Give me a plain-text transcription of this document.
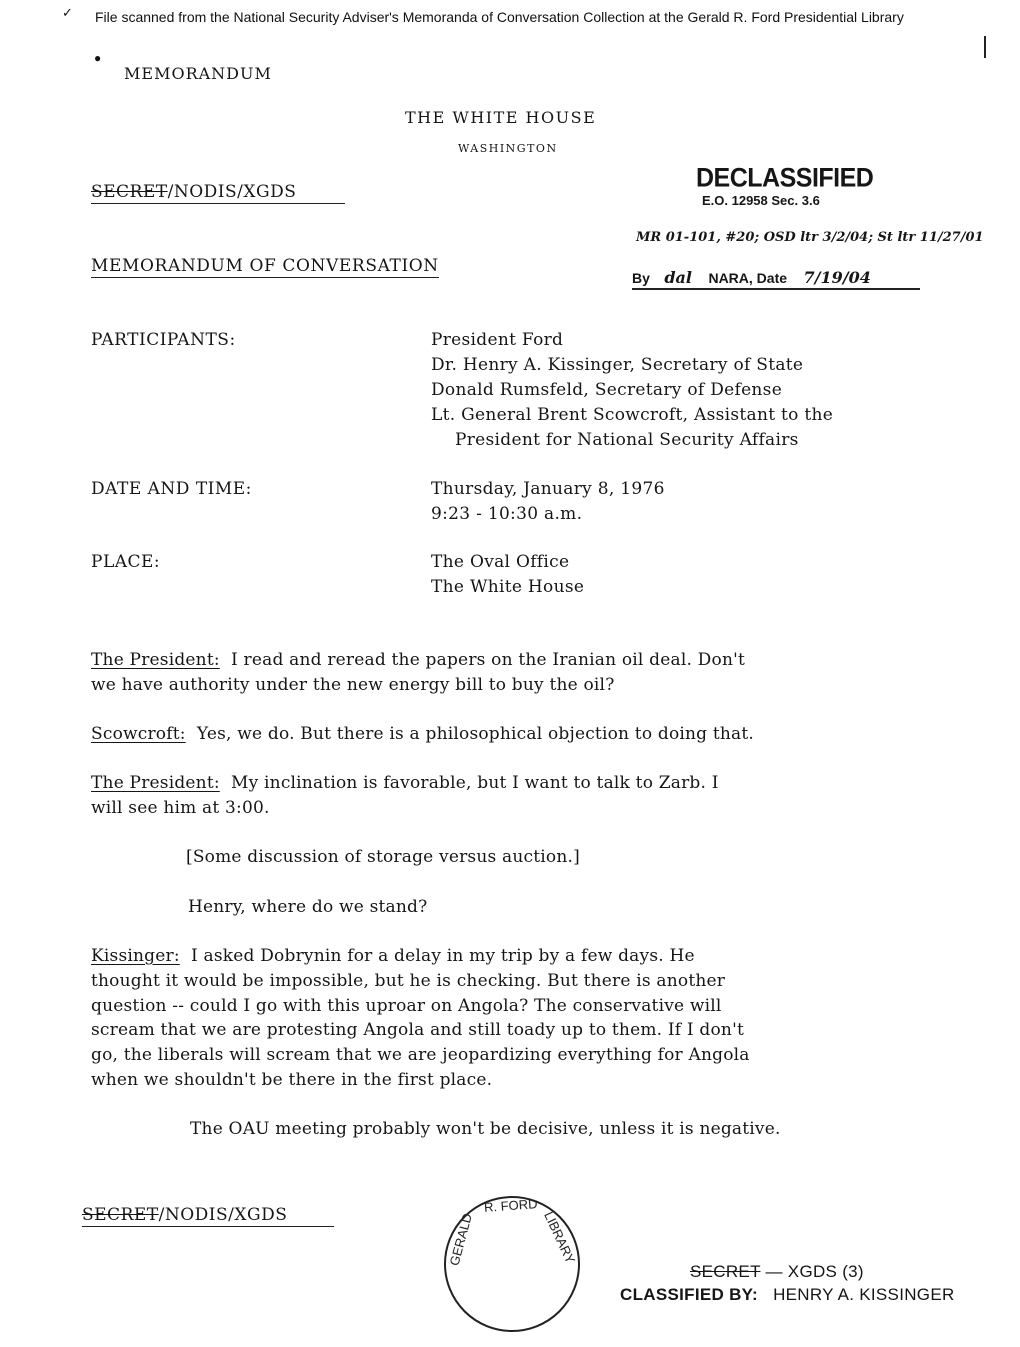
✓ File scanned from the National Security Adviser's Memoranda of Conversation Collection at the Gerald R. Ford Presidential Library
●
MEMORANDUM
THE WHITE HOUSE
WASHINGTON
SECRET/NODIS/XGDS	DECLASSIFIED
E.O. 12958 Sec. 3.6
MR 01-101, #20; OSD ltr 3/2/04; St ltr 11/27/01
By dal NARA, Date 7/19/04
MEMORANDUM OF CONVERSATION
PARTICIPANTS:	President Ford
Dr. Henry A. Kissinger, Secretary of State
Donald Rumsfeld, Secretary of Defense
Lt. General Brent Scowcroft, Assistant to the
President for National Security Affairs
DATE AND TIME:	Thursday, January 8, 1976
9:23 - 10:30 a.m.
PLACE:	The Oval Office
The White House
The President: I read and reread the papers on the Iranian oil deal. Don't
we have authority under the new energy bill to buy the oil?
Scowcroft: Yes, we do. But there is a philosophical objection to doing that.
The President: My inclination is favorable, but I want to talk to Zarb. I
will see him at 3:00.
[Some discussion of storage versus auction.]
Henry, where do we stand?
Kissinger: I asked Dobrynin for a delay in my trip by a few days. He
thought it would be impossible, but he is checking. But there is another
question -- could I go with this uproar on Angola? The conservative will
scream that we are protesting Angola and still toady up to them. If I don't
go, the liberals will scream that we are jeopardizing everything for Angola
when we shouldn't be there in the first place.
The OAU meeting probably won't be decisive, unless it is negative.
SECRET/NODIS/XGDS	GERALD
R. FORD
LIBRARY
SECRET — XGDS (3)
CLASSIFIED BY: HENRY A. KISSINGER
